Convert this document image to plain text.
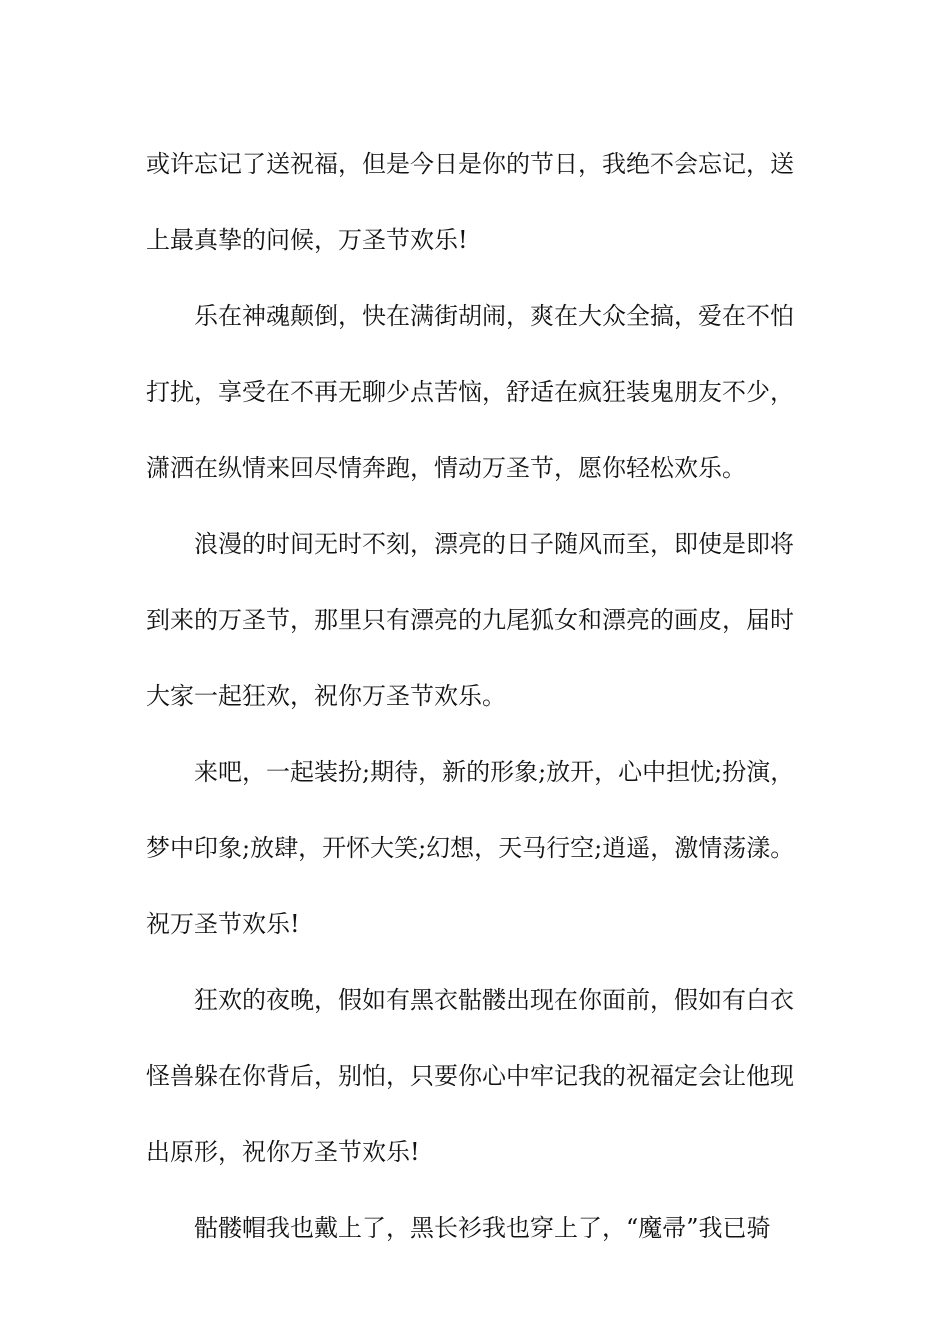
或许忘记了送祝福，但是今日是你的节日，我绝不会忘记，送
上最真挚的问候，万圣节欢乐!
乐在神魂颠倒，快在满街胡闹，爽在大众全搞，爱在不怕
打扰，享受在不再无聊少点苦恼，舒适在疯狂装鬼朋友不少，
潇洒在纵情来回尽情奔跑，情动万圣节，愿你轻松欢乐。
浪漫的时间无时不刻，漂亮的日子随风而至，即使是即将
到来的万圣节，那里只有漂亮的九尾狐女和漂亮的画皮，届时
大家一起狂欢，祝你万圣节欢乐。
来吧，一起装扮;期待，新的形象;放开，心中担忧;扮演，
梦中印象;放肆，开怀大笑;幻想，天马行空;逍遥，激情荡漾。
祝万圣节欢乐!
狂欢的夜晚，假如有黑衣骷髅出现在你面前，假如有白衣
怪兽躲在你背后，别怕，只要你心中牢记我的祝福定会让他现
出原形，祝你万圣节欢乐!
骷髅帽我也戴上了，黑长衫我也穿上了，“魔帚”我已骑
